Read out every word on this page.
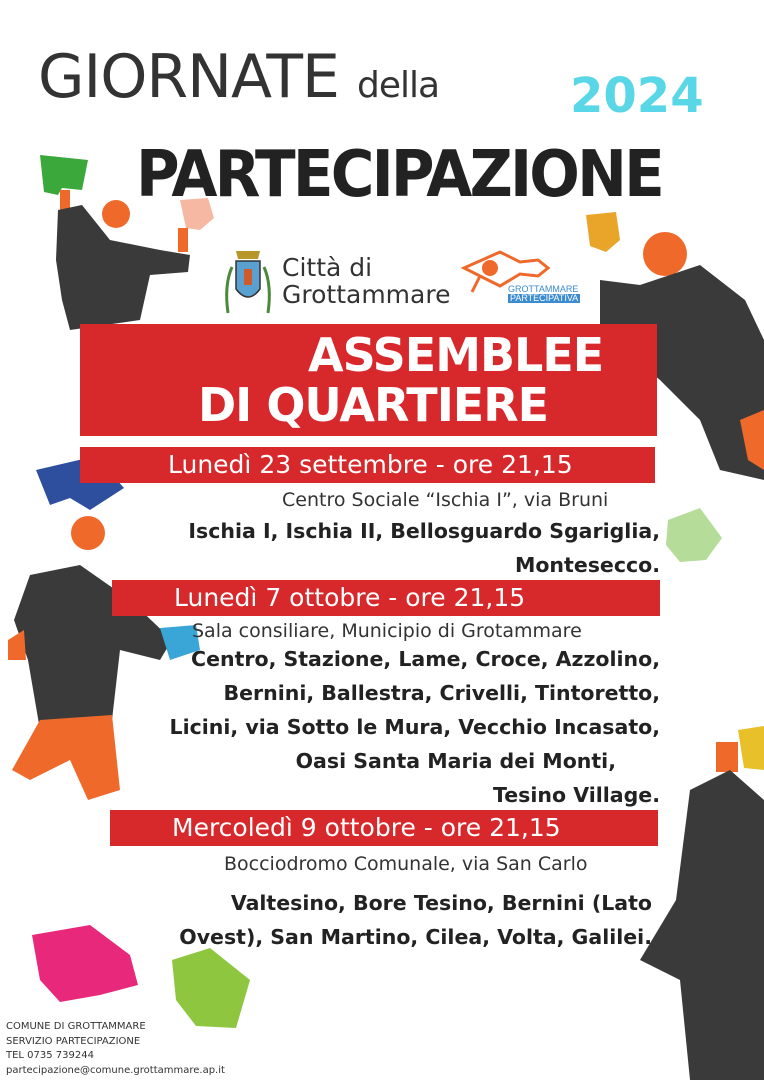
GIORNATE della	2024
PARTECIPAZIONE
Città di
Grottammare	GROTTAMMARE
PARTECIPATIVA
ASSEMBLEE
DI QUARTIERE
Lunedì 23 settembre - ore 21,15
Centro Sociale “Ischia I”, via Bruni
Ischia I, Ischia II, Bellosguardo Sgariglia,
Montesecco.
Lunedì 7 ottobre - ore 21,15
Sala consiliare, Municipio di Grotammare
Centro, Stazione, Lame, Croce, Azzolino,
Bernini, Ballestra, Crivelli, Tintoretto,
Licini, via Sotto le Mura, Vecchio Incasato,
Oasi Santa Maria dei Monti,
Tesino Village.
Mercoledì 9 ottobre - ore 21,15
Bocciodromo Comunale, via San Carlo
Valtesino, Bore Tesino, Bernini (Lato
Ovest), San Martino, Cilea, Volta, Galilei.
COMUNE DI GROTTAMMARE
SERVIZIO PARTECIPAZIONE
TEL 0735 739244
partecipazione@comune.grottammare.ap.it
